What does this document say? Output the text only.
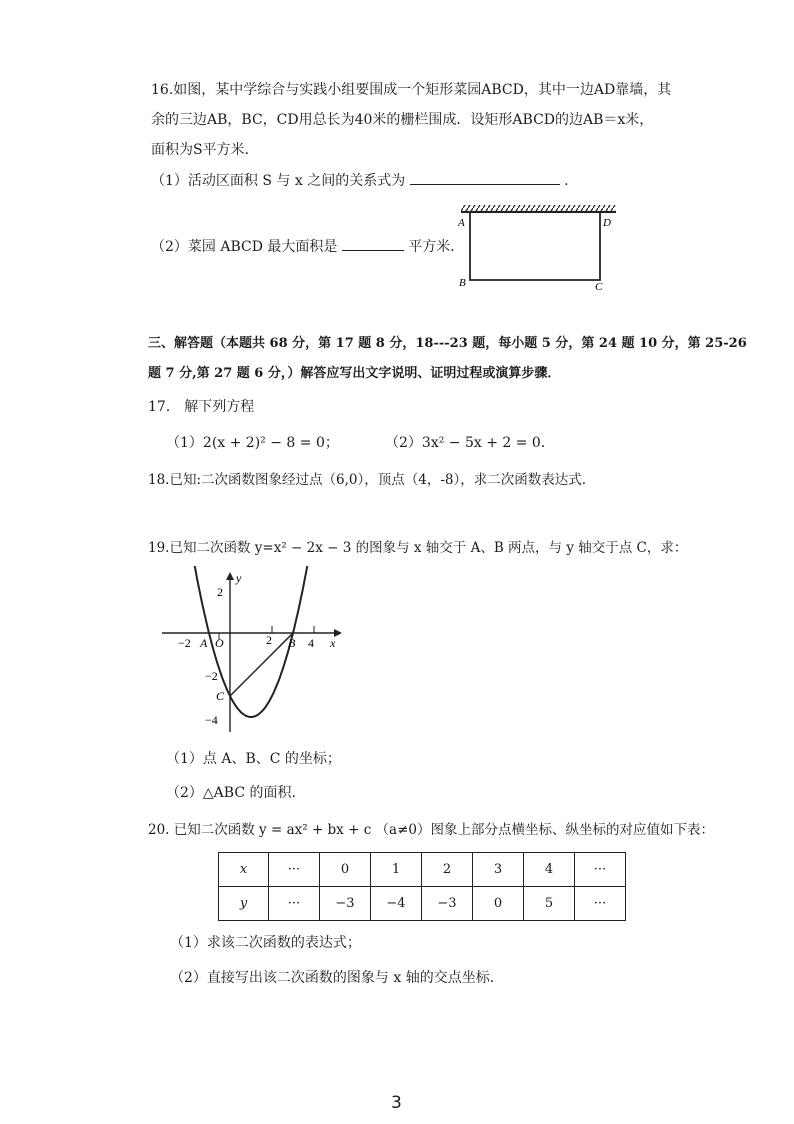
16.如图，某中学综合与实践小组要围成一个矩形菜园ABCD，其中一边AD靠墙，其
余的三边AB，BC，CD用总长为40米的栅栏围成．设矩形ABCD的边AB＝x米，
面积为S平方米．
（1）活动区面积 S 与 x 之间的关系式为	.
（2）菜园 ABCD 最大面积是	平方米．
A	D
B	C
三、解答题（本题共 68 分，第 17 题 8 分，18---23 题，每小题 5 分，第 24 题 10 分，第 25-26
题 7 分,第 27 题 6 分，）解答应写出文字说明、证明过程或演算步骤．
17． 解下列方程
（1）2(x + 2)² − 8 = 0；	（2）3x² − 5x + 2 = 0．
18.已知:二次函数图象经过点（6,0），顶点（4，-8），求二次函数表达式.
19.已知二次函数 y=x² − 2x − 3 的图象与 x 轴交于 A、B 两点，与 y 轴交于点 C，求：
−2 A O	2 B 4 x
y
2
−2
C
−4
（1）点 A、B、C 的坐标；
（2）△ABC 的面积.
20. 已知二次函数 y = ax² + bx + c （a≠0）图象上部分点横坐标、纵坐标的对应值如下表：
x	···	0	1	2	3	4	···
y	···	−3	−4	−3	0	5	···
（1）求该二次函数的表达式；
（2）直接写出该二次函数的图象与 x 轴的交点坐标．
3
